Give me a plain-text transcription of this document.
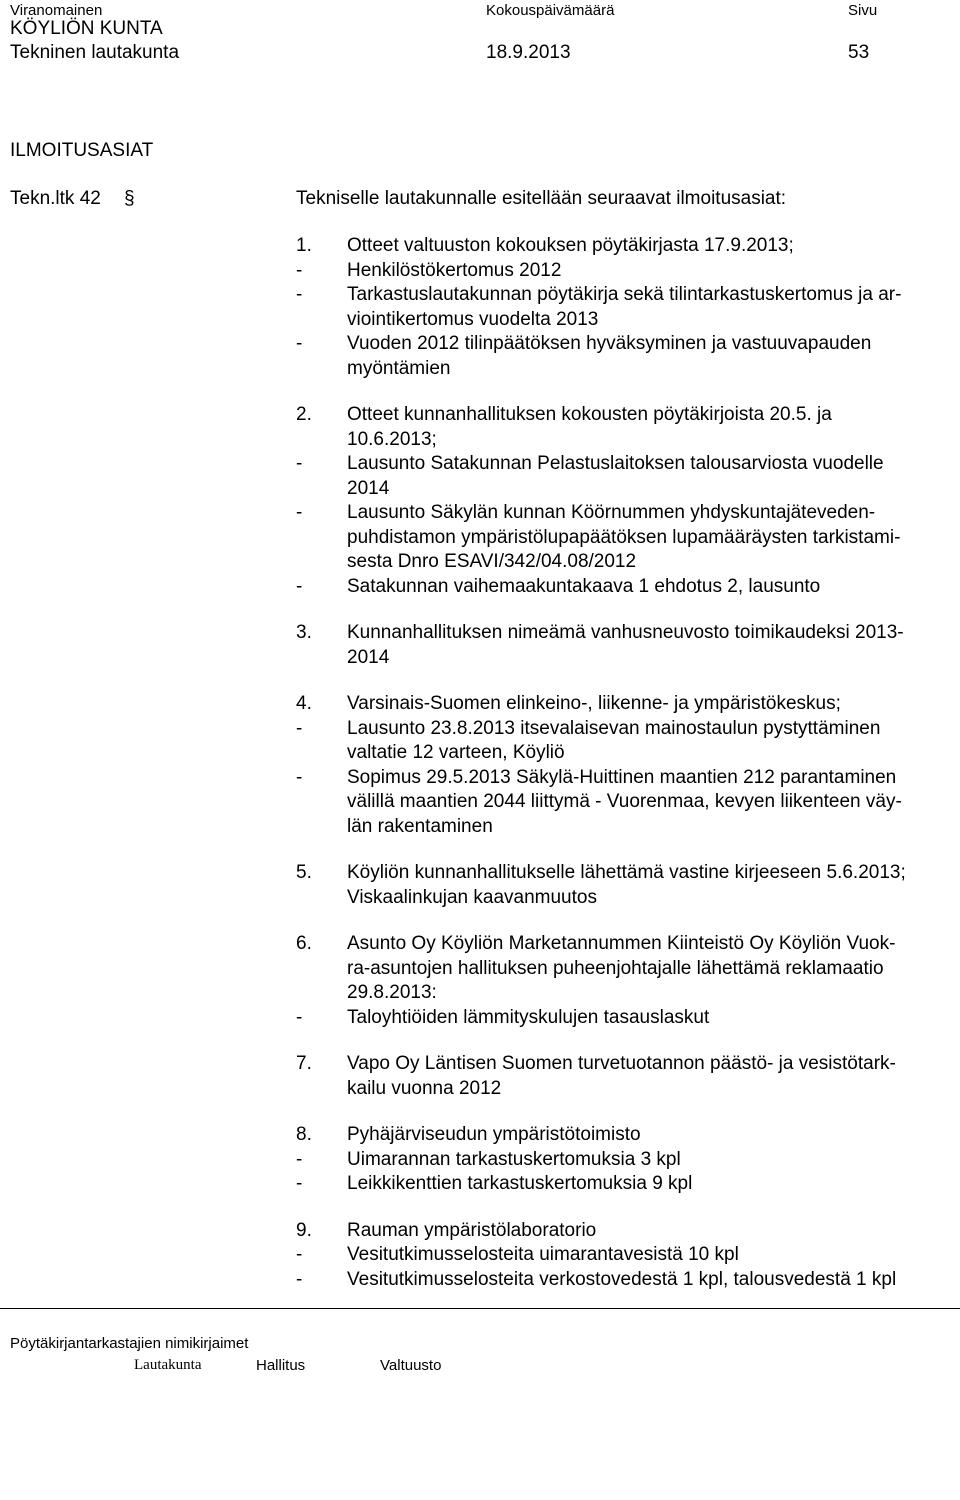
Viranomainen	Kokouspäivämäärä	Sivu
KÖYLIÖN KUNTA
Tekninen lautakunta	18.9.2013	53
ILMOITUSASIAT
Tekn.ltk 42 §	Tekniselle lautakunnalle esitellään seuraavat ilmoitusasiat:
1.	Otteet valtuuston kokouksen pöytäkirjasta 17.9.2013;
-	Henkilöstökertomus 2012
-	Tarkastuslautakunnan pöytäkirja sekä tilintarkastuskertomus ja ar-
viointikertomus vuodelta 2013
-	Vuoden 2012 tilinpäätöksen hyväksyminen ja vastuuvapauden
myöntämien
2.	Otteet kunnanhallituksen kokousten pöytäkirjoista 20.5. ja
10.6.2013;
-	Lausunto Satakunnan Pelastuslaitoksen talousarviosta vuodelle
2014
-	Lausunto Säkylän kunnan Köörnummen yhdyskuntajäteveden-
puhdistamon ympäristölupapäätöksen lupamääräysten tarkistami-
sesta Dnro ESAVI/342/04.08/2012
-	Satakunnan vaihemaakuntakaava 1 ehdotus 2, lausunto
3.	Kunnanhallituksen nimeämä vanhusneuvosto toimikaudeksi 2013-
2014
4.	Varsinais-Suomen elinkeino-, liikenne- ja ympäristökeskus;
-	Lausunto 23.8.2013 itsevalaisevan mainostaulun pystyttäminen
valtatie 12 varteen, Köyliö
-	Sopimus 29.5.2013 Säkylä-Huittinen maantien 212 parantaminen
välillä maantien 2044 liittymä - Vuorenmaa, kevyen liikenteen väy-
län rakentaminen
5.	Köyliön kunnanhallitukselle lähettämä vastine kirjeeseen 5.6.2013;
Viskaalinkujan kaavanmuutos
6.	Asunto Oy Köyliön Marketannummen Kiinteistö Oy Köyliön Vuok-
ra-asuntojen hallituksen puheenjohtajalle lähettämä reklamaatio
29.8.2013:
-	Taloyhtiöiden lämmityskulujen tasauslaskut
7.	Vapo Oy Läntisen Suomen turvetuotannon päästö- ja vesistötark-
kailu vuonna 2012
8.	Pyhäjärviseudun ympäristötoimisto
-	Uimarannan tarkastuskertomuksia 3 kpl
-	Leikkikenttien tarkastuskertomuksia 9 kpl
9.	Rauman ympäristölaboratorio
-	Vesitutkimusselosteita uimarantavesistä 10 kpl
-	Vesitutkimusselosteita verkostovedestä 1 kpl, talousvedestä 1 kpl
Pöytäkirjantarkastajien nimikirjaimet
Lautakunta	Hallitus	Valtuusto
